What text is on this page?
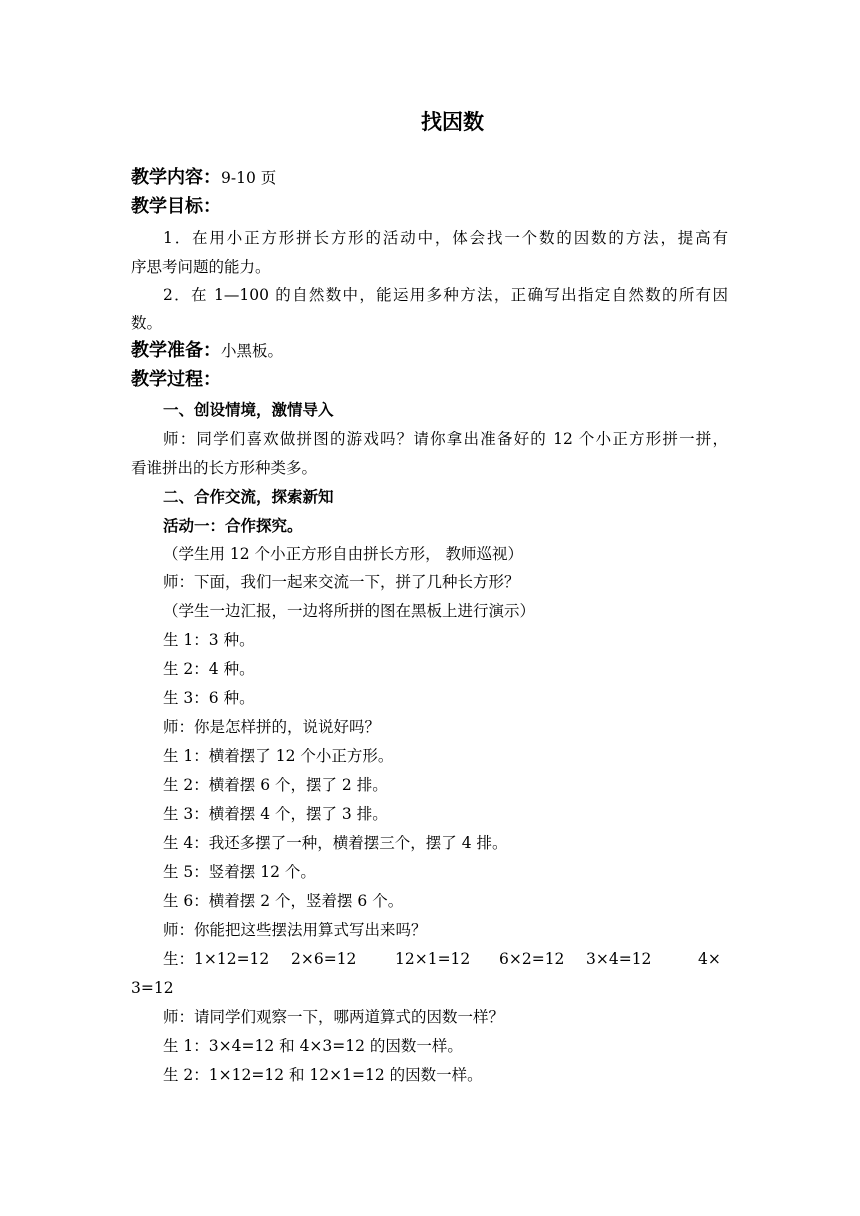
找因数
教学内容：9-10 页
教学目标：
1．在用小正方形拼长方形的活动中，体会找一个数的因数的方法，提高有
序思考问题的能力。
2．在 1—100 的自然数中，能运用多种方法，正确写出指定自然数的所有因
数。
教学准备：小黑板。
教学过程：
一、创设情境，激情导入
师：同学们喜欢做拼图的游戏吗？请你拿出准备好的 12 个小正方形拼一拼，
看谁拼出的长方形种类多。
二、合作交流，探索新知
活动一：合作探究。
（学生用 12 个小正方形自由拼长方形， 教师巡视）
师：下面，我们一起来交流一下，拼了几种长方形？
（学生一边汇报，一边将所拼的图在黑板上进行演示）
生 1：3 种。
生 2：4 种。
生 3：6 种。
师：你是怎样拼的，说说好吗？
生 1：横着摆了 12 个小正方形。
生 2：横着摆 6 个，摆了 2 排。
生 3：横着摆 4 个，摆了 3 排。
生 4：我还多摆了一种，横着摆三个，摆了 4 排。
生 5：竖着摆 12 个。
生 6：横着摆 2 个，竖着摆 6 个。
师：你能把这些摆法用算式写出来吗？
生：1×12=12 2×6=12 12×1=12 6×2=12 3×4=12	4×
3=12
师：请同学们观察一下，哪两道算式的因数一样？
生 1：3×4=12 和 4×3=12 的因数一样。
生 2：1×12=12 和 12×1=12 的因数一样。
